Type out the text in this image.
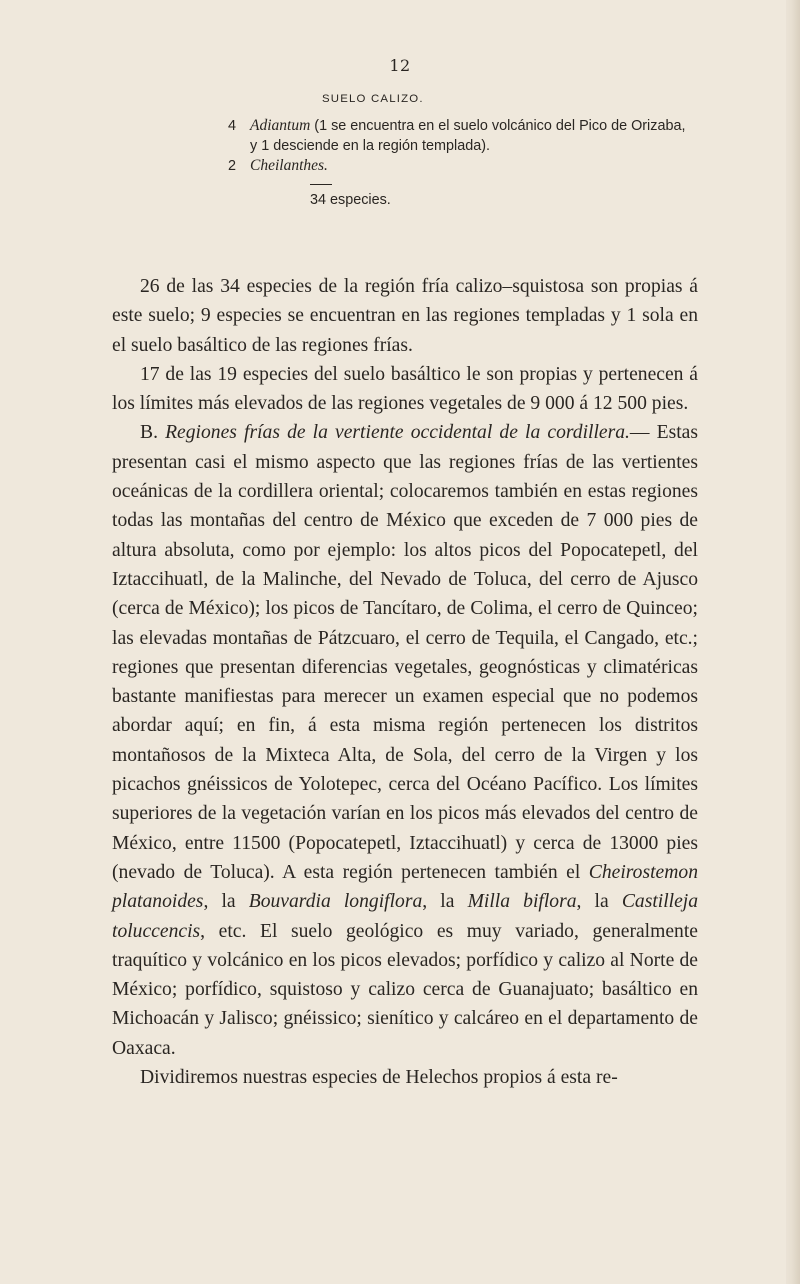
12
SUELO CALIZO.
4 Adiantum (1 se encuentra en el suelo volcánico del Pico de Orizaba, y 1 desciende en la región templada).
2 Cheilanthes.
34 especies.

26 de las 34 especies de la región fría calizo–squistosa son propias á este suelo; 9 especies se encuentran en las regiones templadas y 1 sola en el suelo basáltico de las regiones frías.

17 de las 19 especies del suelo basáltico le son propias y pertenecen á los límites más elevados de las regiones vegetales de 9 000 á 12 500 pies.

B. Regiones frías de la vertiente occidental de la cordillera.— Estas presentan casi el mismo aspecto que las regiones frías de las vertientes oceánicas de la cordillera oriental; colocaremos también en estas regiones todas las montañas del centro de México que exceden de 7 000 pies de altura absoluta, como por ejemplo: los altos picos del Popocatepetl, del Iztaccihuatl, de la Malinche, del Nevado de Toluca, del cerro de Ajusco (cerca de México); los picos de Tancítaro, de Colima, el cerro de Quinceo; las elevadas montañas de Pátzcuaro, el cerro de Tequila, el Cangado, etc.; regiones que presentan diferencias vegetales, geognósticas y climatéricas bastante manifiestas para merecer un examen especial que no podemos abordar aquí; en fin, á esta misma región pertenecen los distritos montañosos de la Mixteca Alta, de Sola, del cerro de la Virgen y los picachos gnéissicos de Yolotepec, cerca del Océano Pacífico. Los límites superiores de la vegetación varían en los picos más elevados del centro de México, entre 11500 (Popocatepetl, Iztaccihuatl) y cerca de 13000 pies (nevado de Toluca). A esta región pertenecen también el Cheirostemon platanoides, la Bouvardia longiflora, la Milla biflora, la Castilleja toluccencis, etc. El suelo geológico es muy variado, generalmente traquítico y volcánico en los picos elevados; porfídico y calizo al Norte de México; porfídico, squistoso y calizo cerca de Guanajuato; basáltico en Michoacán y Jalisco; gnéissico; sienítico y calcáreo en el departamento de Oaxaca.

Dividiremos nuestras especies de Helechos propios á esta re-
